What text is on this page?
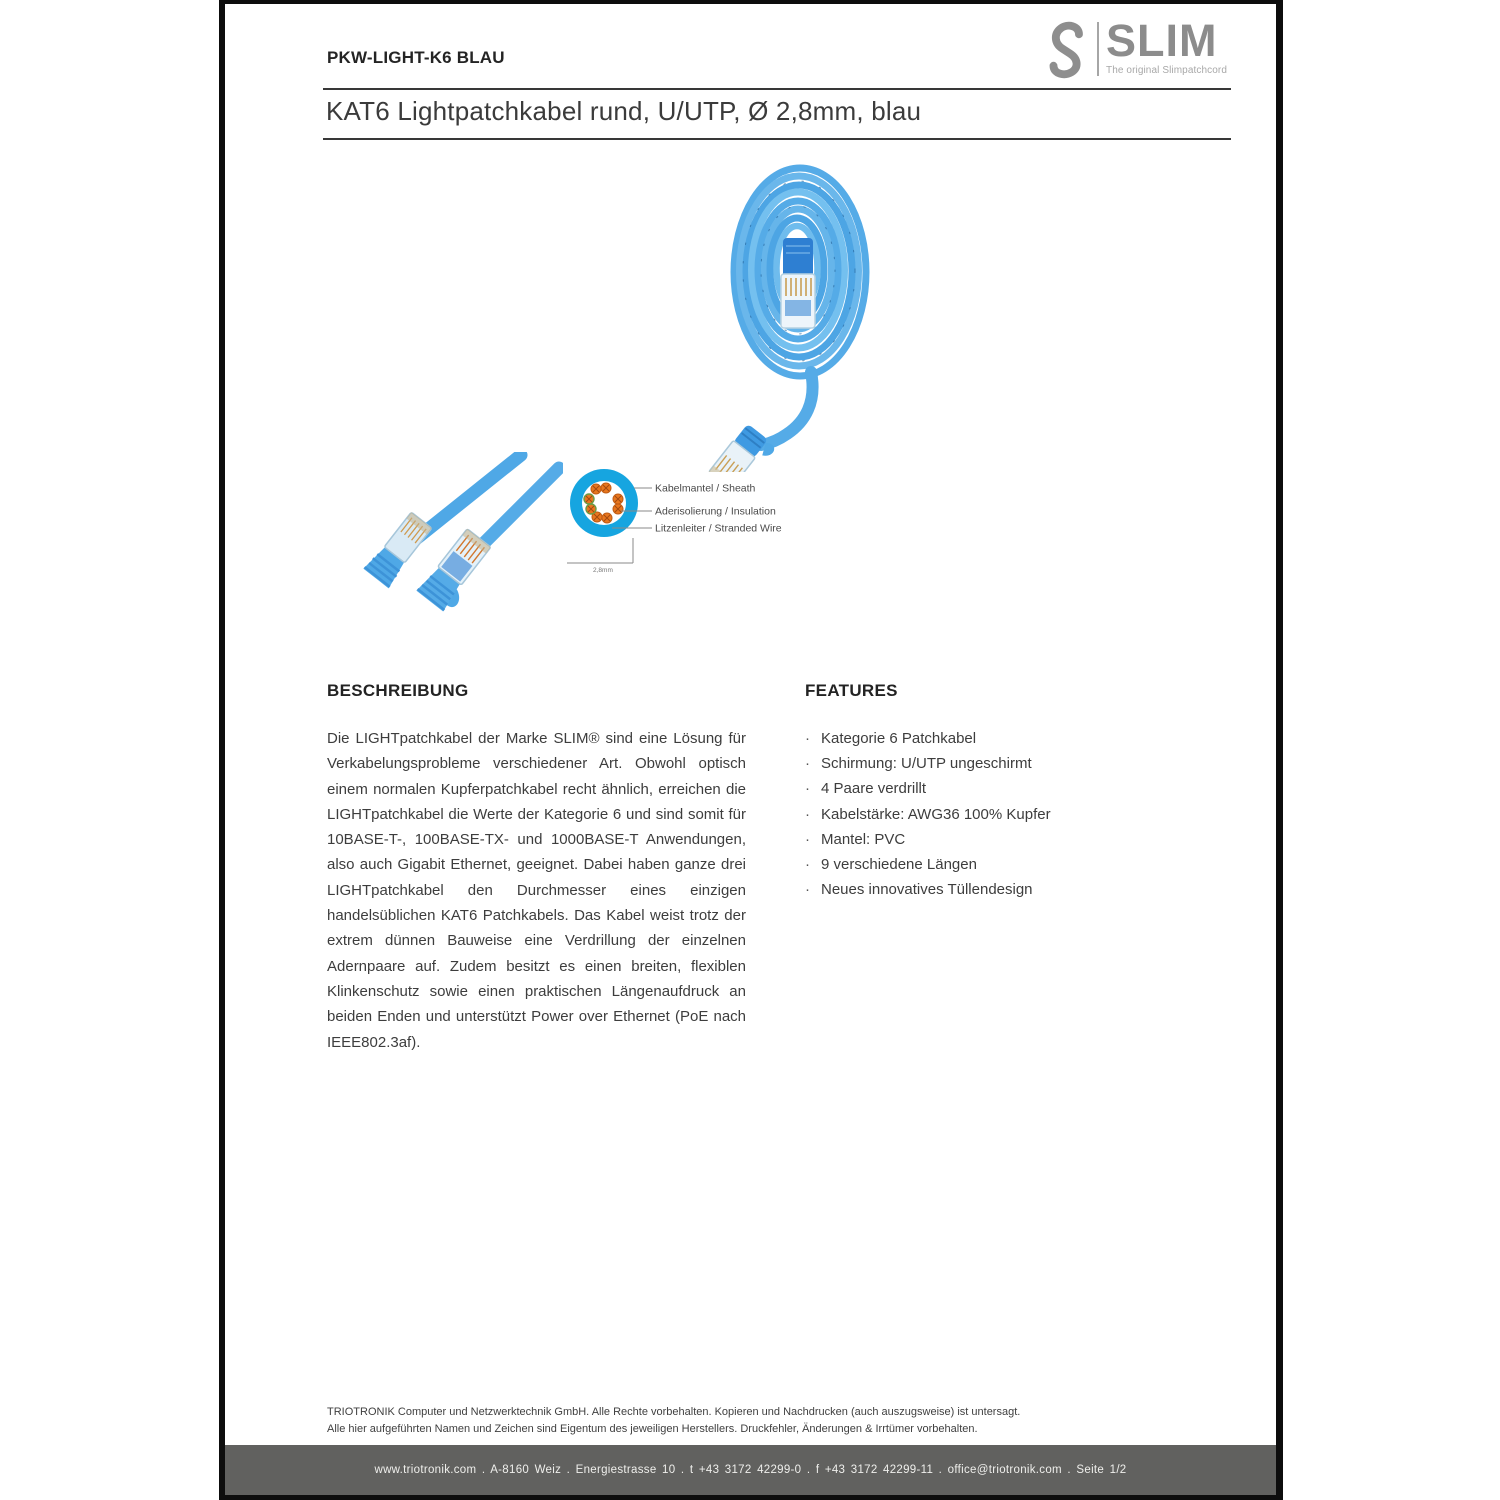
PKW-LIGHT-K6 BLAU	SLIM
The original Slimpatchcord
KAT6 Lightpatchkabel rund, U/UTP, Ø 2,8mm, blau
Kabelmantel / Sheath
Aderisolierung / Insulation
Litzenleiter / Stranded Wire
2,8mm
BESCHREIBUNG
Die LIGHTpatchkabel der Marke SLIM® sind eine Lösung für Verkabelungsprobleme verschiedener Art. Obwohl optisch einem normalen Kupferpatchkabel recht ähnlich, erreichen die LIGHTpatchkabel die Werte der Kategorie 6 und sind somit für 10BASE-T-, 100BASE-TX- und 1000BASE-T Anwendungen, also auch Gigabit Ethernet, geeignet. Dabei haben ganze drei LIGHTpatchkabel den Durchmesser eines einzigen handelsüblichen KAT6 Patchkabels. Das Kabel weist trotz der extrem dünnen Bauweise eine Verdrillung der einzelnen Adernpaare auf. Zudem besitzt es einen breiten, flexiblen Klinkenschutz sowie einen praktischen Längenaufdruck an beiden Enden und unterstützt Power over Ethernet (PoE nach IEEE802.3af).
FEATURES
· Kategorie 6 Patchkabel
· Schirmung: U/UTP ungeschirmt
· 4 Paare verdrillt
· Kabelstärke: AWG36 100% Kupfer
· Mantel: PVC
· 9 verschiedene Längen
· Neues innovatives Tüllendesign
TRIOTRONIK Computer und Netzwerktechnik GmbH. Alle Rechte vorbehalten. Kopieren und Nachdrucken (auch auszugsweise) ist untersagt.
Alle hier aufgeführten Namen und Zeichen sind Eigentum des jeweiligen Herstellers. Druckfehler, Änderungen & Irrtümer vorbehalten.
www.triotronik.com . A-8160 Weiz . Energiestrasse 10 . t +43 3172 42299-0 . f +43 3172 42299-11 . office@triotronik.com . Seite 1/2
